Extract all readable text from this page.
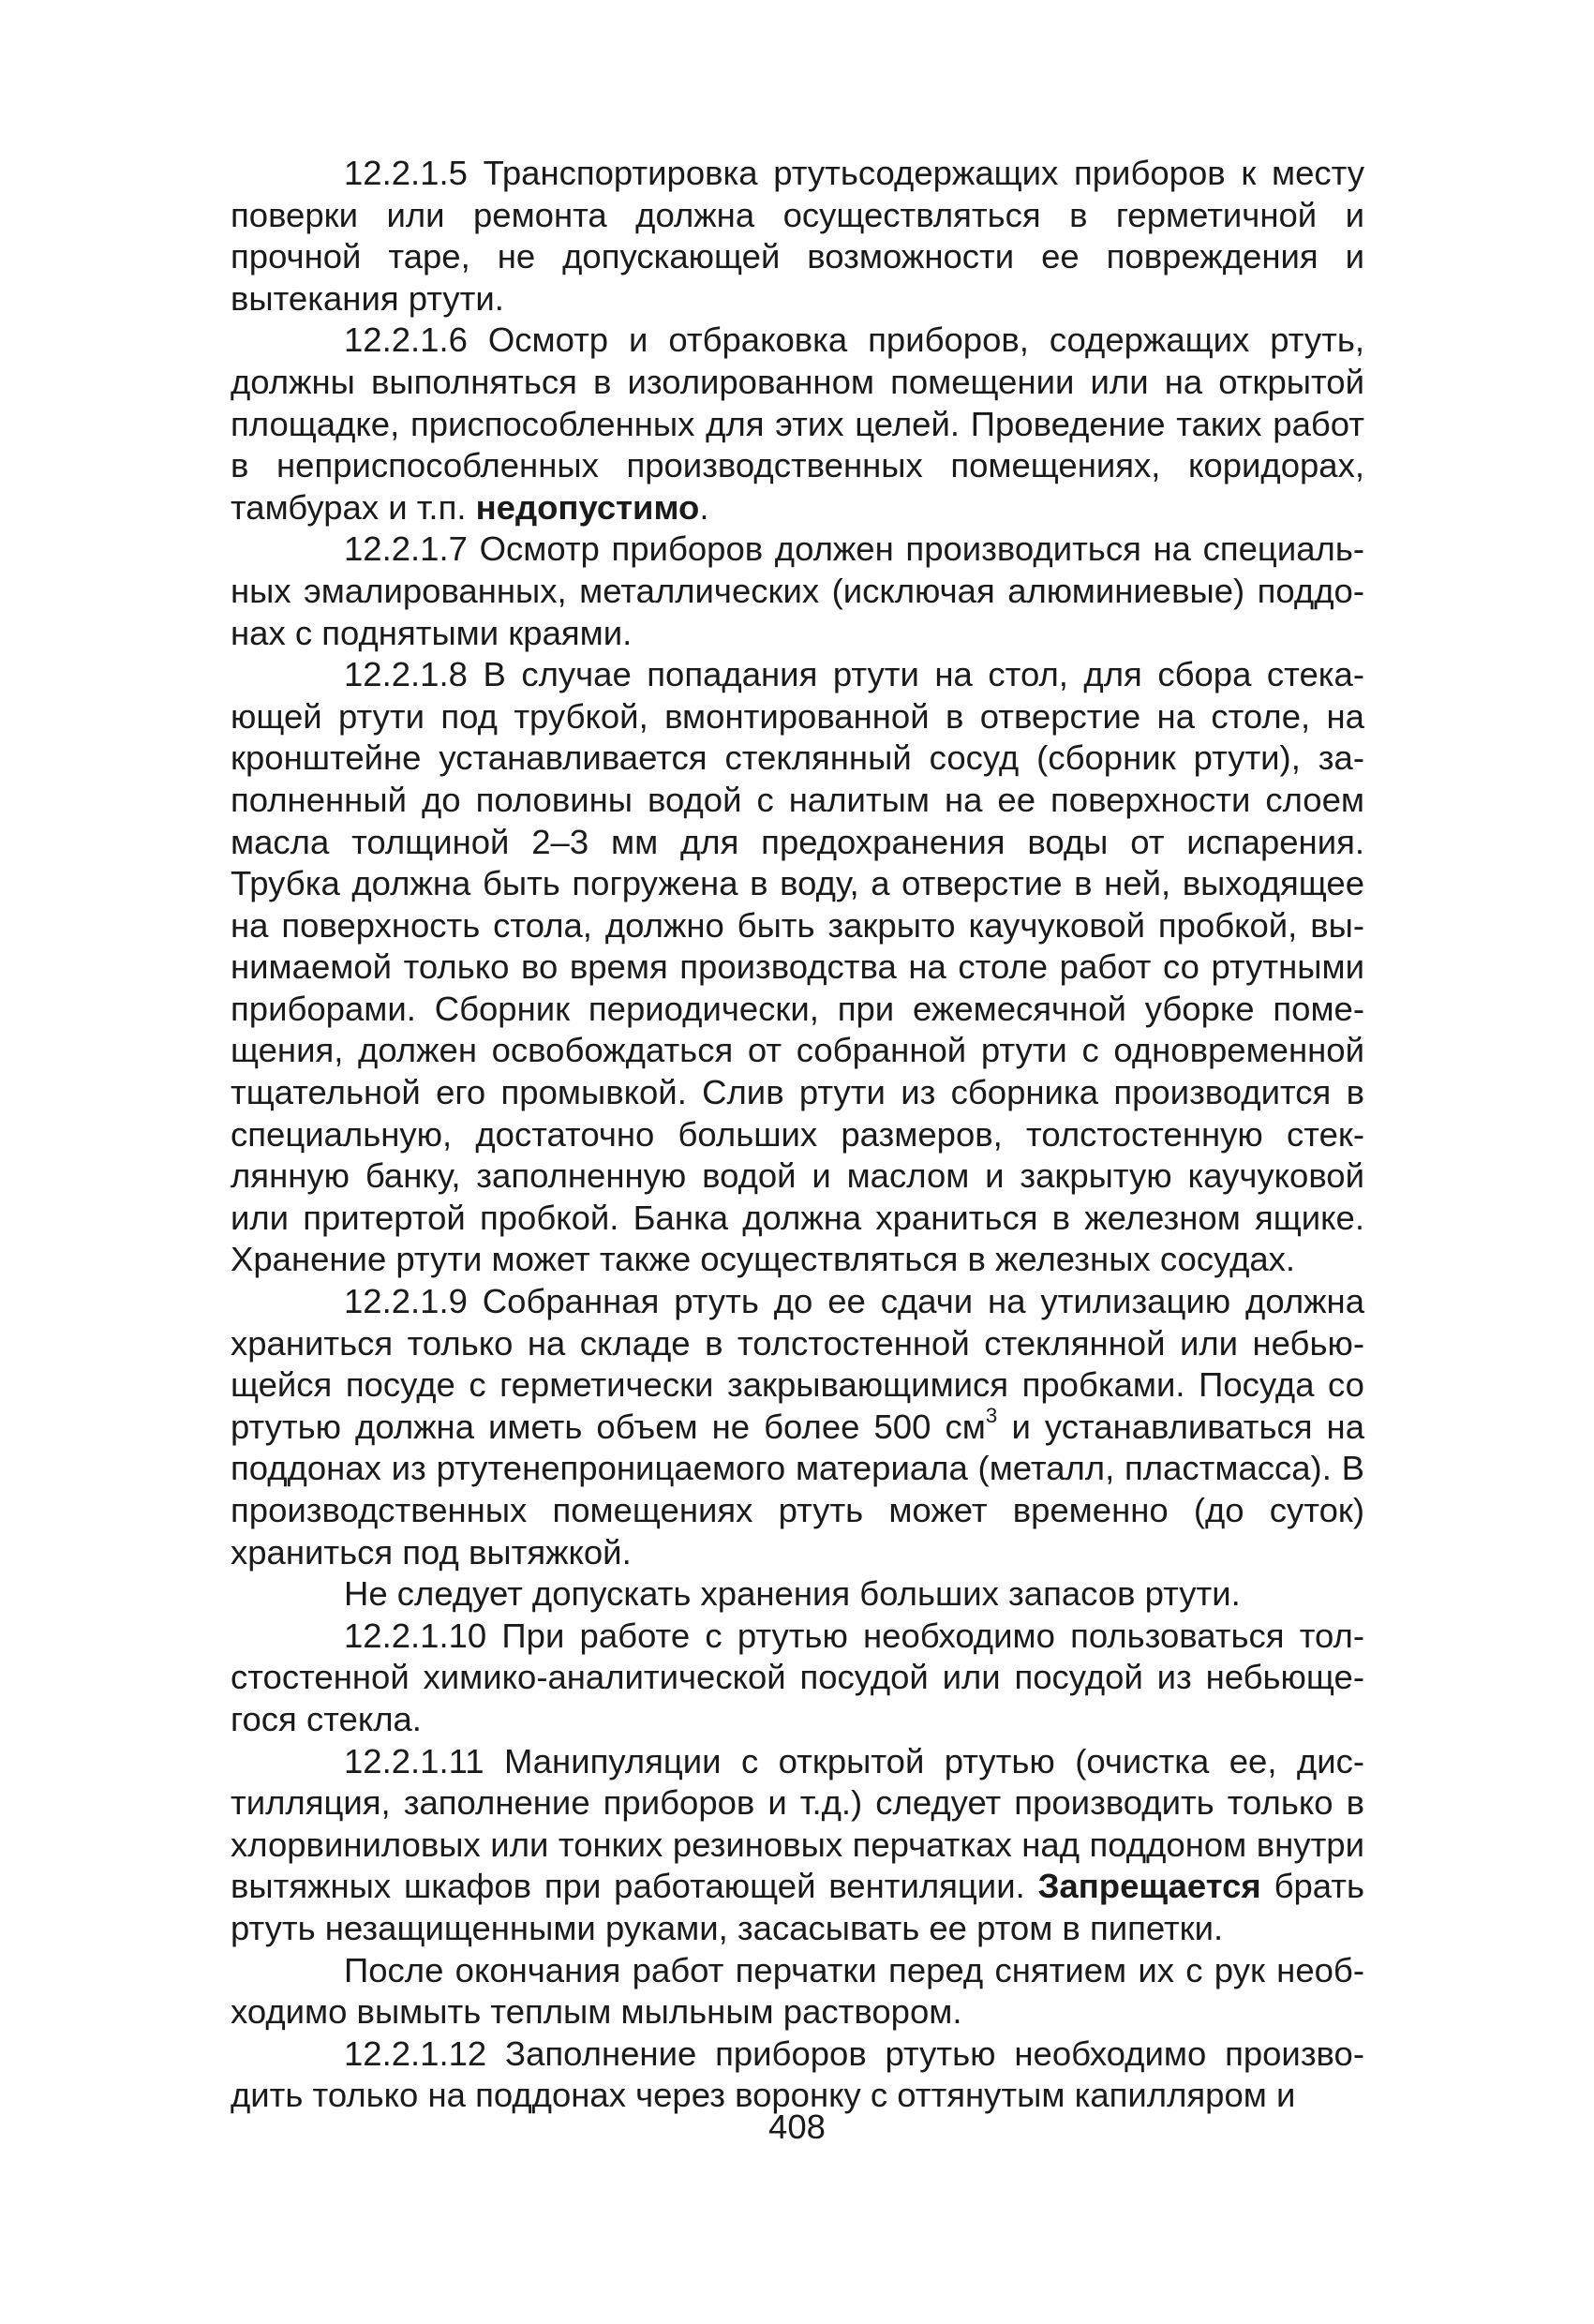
12.2.1.5 Транспортировка ртутьсодержащих приборов к месту поверки или ремонта должна осуществляться в герметичной и прочной таре, не допускающей возможности ее повреждения и вытекания ртути.

12.2.1.6 Осмотр и отбраковка приборов, содержащих ртуть, должны выполняться в изолированном помещении или на открытой площадке, приспособленных для этих целей. Проведение таких работ в неприспособленных производственных помещениях, коридорах, тамбурах и т.п. недопустимо.

12.2.1.7 Осмотр приборов должен производиться на специальных эмалированных, металлических (исключая алюминиевые) поддонах с поднятыми краями.

12.2.1.8 В случае попадания ртути на стол, для сбора стекающей ртути под трубкой, вмонтированной в отверстие на столе, на кронштейне устанавливается стеклянный сосуд (сборник ртути), заполненный до половины водой с налитым на ее поверхности слоем масла толщиной 2–3 мм для предохранения воды от испарения. Трубка должна быть погружена в воду, а отверстие в ней, выходящее на поверхность стола, должно быть закрыто каучуковой пробкой, вынимаемой только во время производства на столе работ со ртутными приборами. Сборник периодически, при ежемесячной уборке помещения, должен освобождаться от собранной ртути с одновременной тщательной его промывкой. Слив ртути из сборника производится в специальную, достаточно больших размеров, толстостенную стеклянную банку, заполненную водой и маслом и закрытую каучуковой или притертой пробкой. Банка должна храниться в железном ящике. Хранение ртути может также осуществляться в железных сосудах.

12.2.1.9 Собранная ртуть до ее сдачи на утилизацию должна храниться только на складе в толстостенной стеклянной или небьющейся посуде с герметически закрывающимися пробками. Посуда со ртутью должна иметь объем не более 500 $см^3$ и устанавливаться на поддонах из ртутенепроницаемого материала (металл, пластмасса). В производственных помещениях ртуть может временно (до суток) храниться под вытяжкой.

Не следует допускать хранения больших запасов ртути.

12.2.1.10 При работе с ртутью необходимо пользоваться толстостенной химико-аналитической посудой или посудой из небьющегося стекла.

12.2.1.11 Манипуляции с открытой ртутью (очистка ее, дистилляция, заполнение приборов и т.д.) следует производить только в хлорвиниловых или тонких резиновых перчатках над поддоном внутри вытяжных шкафов при работающей вентиляции. Запрещается брать ртуть незащищенными руками, засасывать ее ртом в пипетки.

После окончания работ перчатки перед снятием их с рук необходимо вымыть теплым мыльным раствором.

12.2.1.12 Заполнение приборов ртутью необходимо производить только на поддонах через воронку с оттянутым капилляром и

408
